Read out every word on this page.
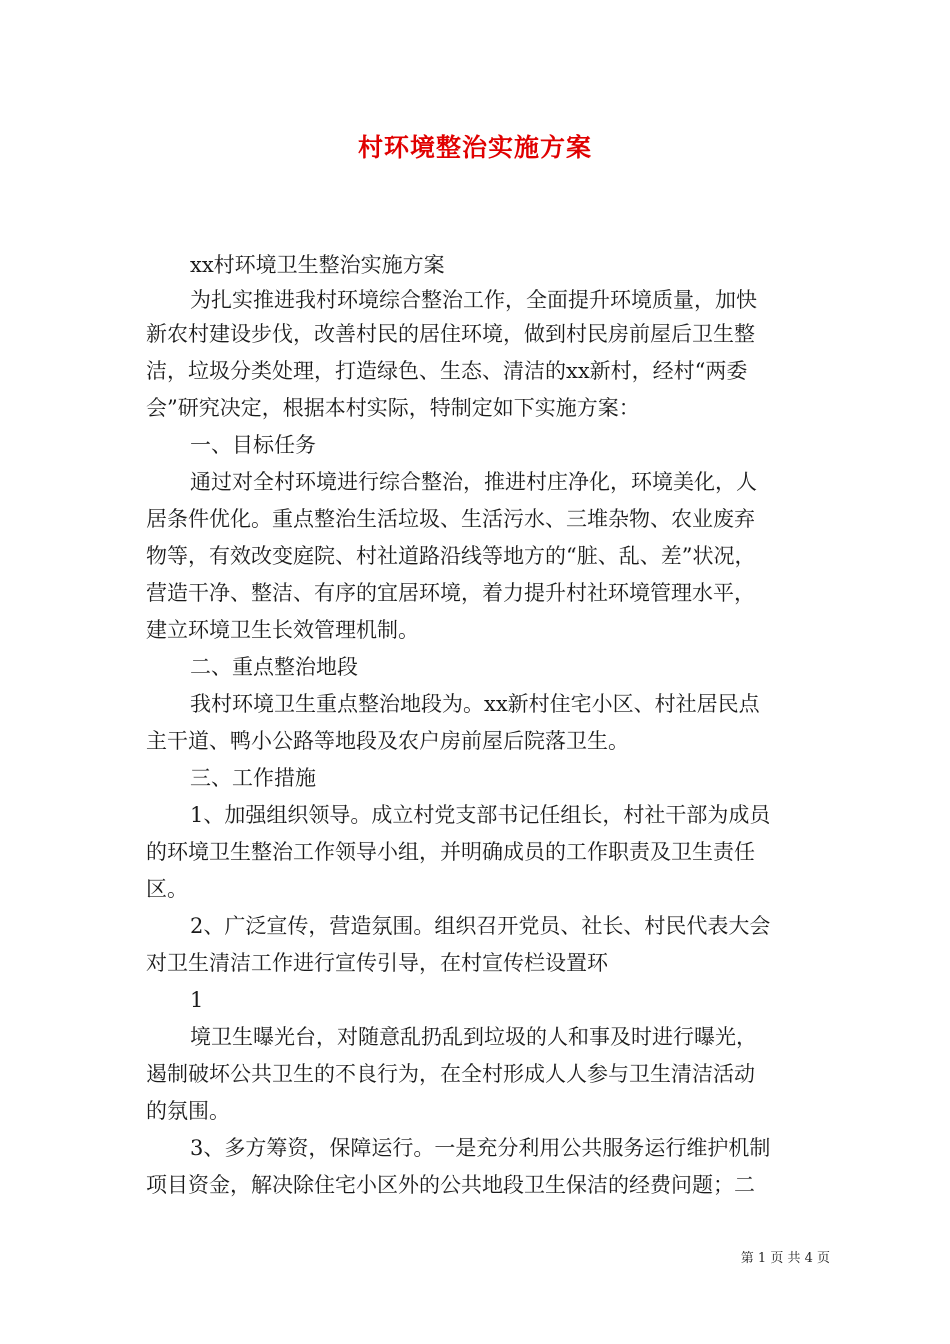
村环境整治实施方案
xx村环境卫生整治实施方案
为扎实推进我村环境综合整治工作，全面提升环境质量，加快
新农村建设步伐，改善村民的居住环境，做到村民房前屋后卫生整
洁，垃圾分类处理，打造绿色、生态、清洁的xx新村，经村“两委
会”研究决定，根据本村实际，特制定如下实施方案：
一、目标任务
通过对全村环境进行综合整治，推进村庄净化，环境美化，人
居条件优化。重点整治生活垃圾、生活污水、三堆杂物、农业废弃
物等，有效改变庭院、村社道路沿线等地方的“脏、乱、差”状况，
营造干净、整洁、有序的宜居环境，着力提升村社环境管理水平，
建立环境卫生长效管理机制。
二、重点整治地段
我村环境卫生重点整治地段为。xx新村住宅小区、村社居民点
主干道、鸭小公路等地段及农户房前屋后院落卫生。
三、工作措施
1、加强组织领导。成立村党支部书记任组长，村社干部为成员
的环境卫生整治工作领导小组，并明确成员的工作职责及卫生责任
区。
2、广泛宣传，营造氛围。组织召开党员、社长、村民代表大会
对卫生清洁工作进行宣传引导，在村宣传栏设置环
1
境卫生曝光台，对随意乱扔乱到垃圾的人和事及时进行曝光，
遏制破坏公共卫生的不良行为，在全村形成人人参与卫生清洁活动
的氛围。
3、多方筹资，保障运行。一是充分利用公共服务运行维护机制
项目资金，解决除住宅小区外的公共地段卫生保洁的经费问题；二
第 1 页 共 4 页
